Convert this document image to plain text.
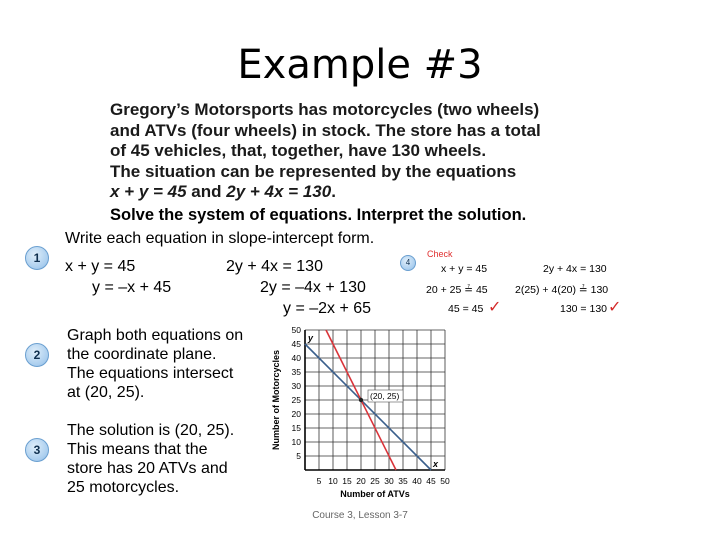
Example #3
Gregory’s Motorsports has motorcycles (two wheels)
and ATVs (four wheels) in stock. The store has a total
of 45 vehicles, that, together, have 130 wheels.
The situation can be represented by the equations
x + y = 45 and 2y + 4x = 130.
Solve the system of equations. Interpret the solution.
1
Write each equation in slope-intercept form.
x + y = 45
y = –x + 45
2y + 4x = 130
2y = –4x + 130
y = –2x + 65
4
Check
x + y = 45
20 + 25 ≟ 45
45 = 45 ✓
2y + 4x = 130
2(25) + 4(20) ≟ 130
130 = 130 ✓
2
Graph both equations on the coordinate plane. The equations intersect at (20, 25).
3
The solution is (20, 25). This means that the store has 20 ATVs and 25 motorcycles.	5 10 15 20 25 30 35 40 45 50
5
10
15
20
25
30
35
40
45
50
y
x
Number of ATVs
Number of Motorcycles	(20, 25)
Course 3, Lesson 3-7
